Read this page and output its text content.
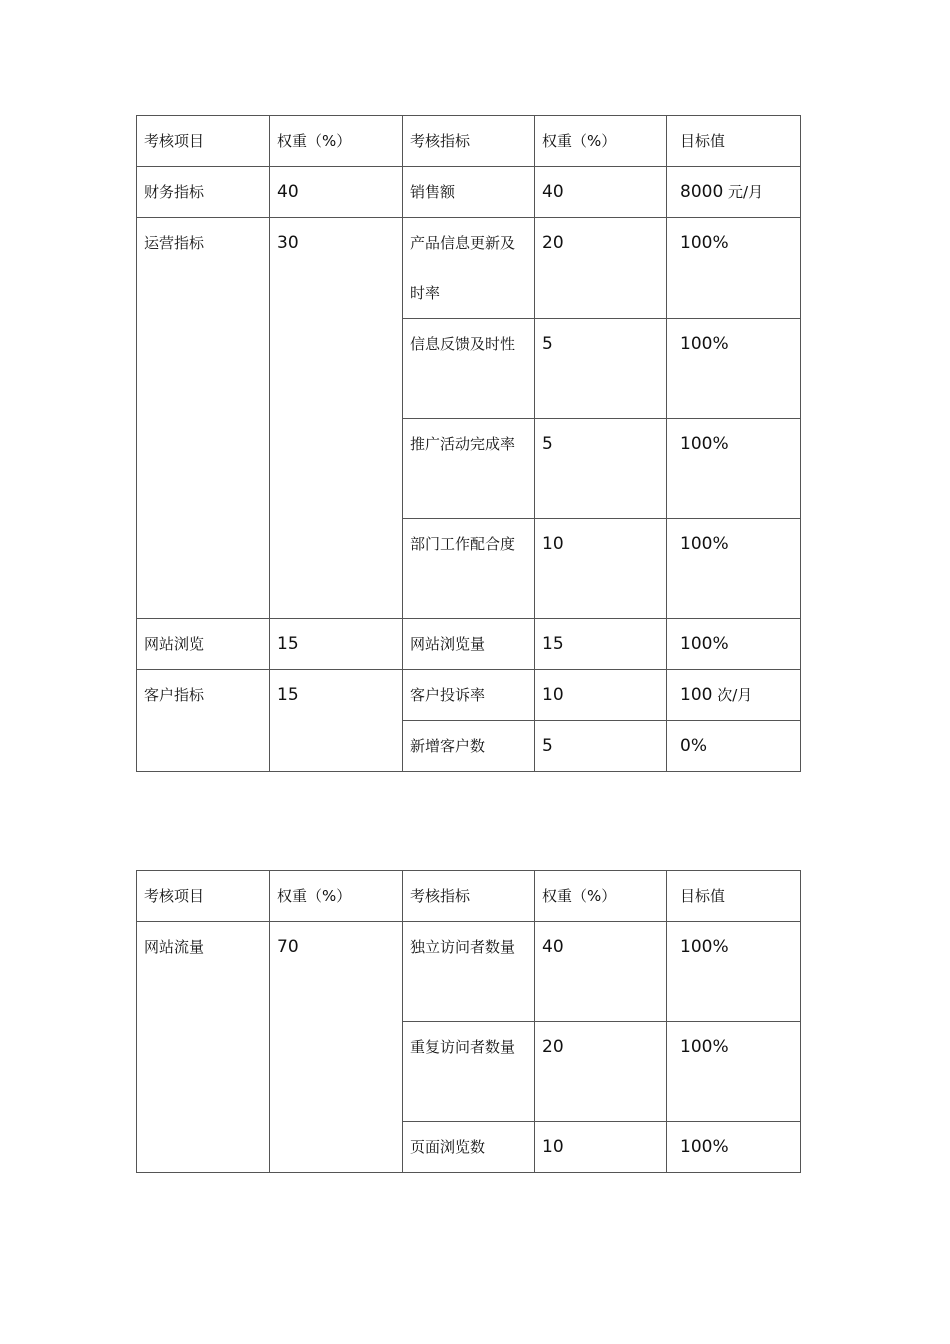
考核项目	权重（%）	考核指标	权重（%）	目标值
财务指标	40	销售额	40	8000 元/月
运营指标	30	产品信息更新及时率	20	100%
		信息反馈及时性	5	100%
		推广活动完成率	5	100%
		部门工作配合度	10	100%
网站浏览	15	网站浏览量	15	100%
客户指标	15	客户投诉率	10	100 次/月
		新增客户数	5	0%
考核项目	权重（%）	考核指标	权重（%）	目标值
网站流量	70	独立访问者数量	40	100%
		重复访问者数量	20	100%
		页面浏览数	10	100%
